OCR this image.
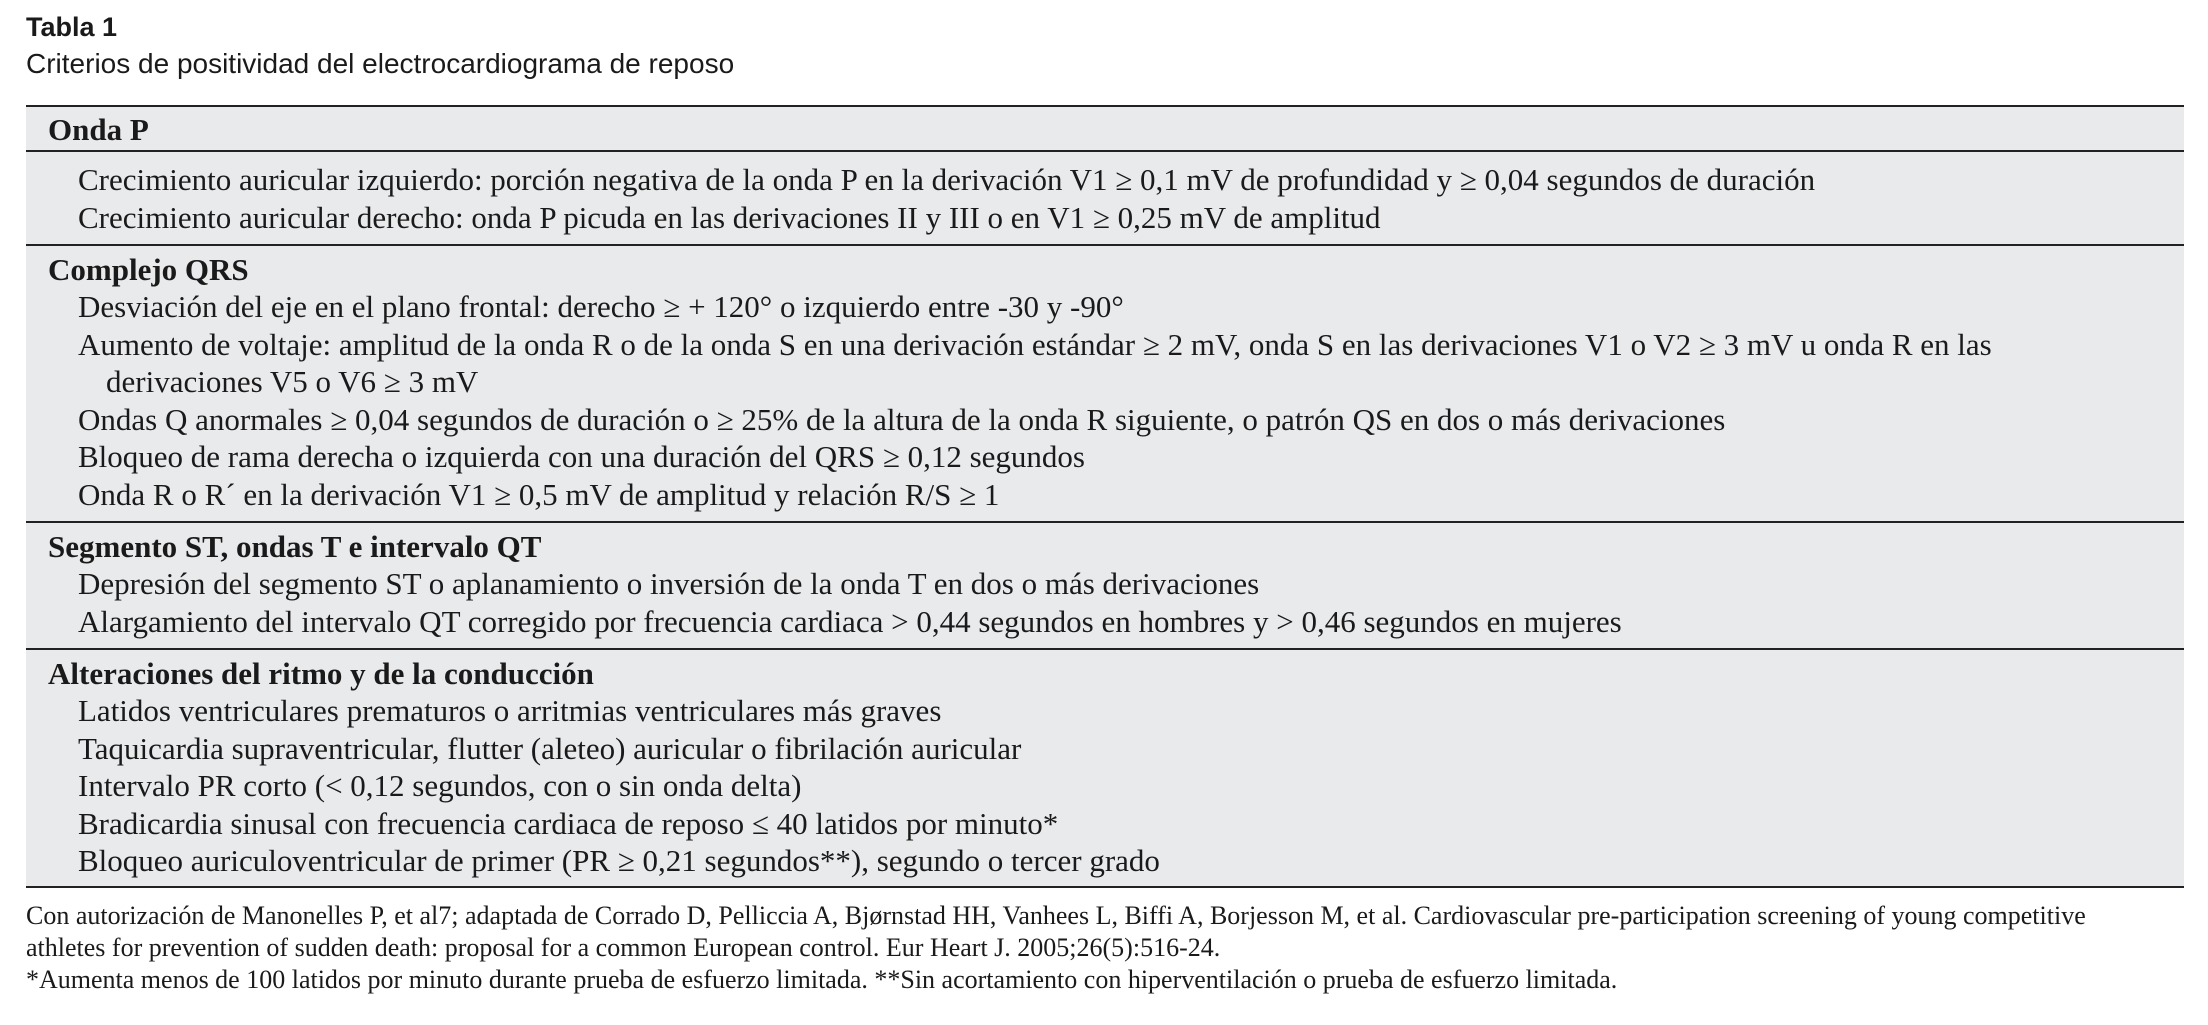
Tabla 1
Criterios de positividad del electrocardiograma de reposo
Onda P
Crecimiento auricular izquierdo: porción negativa de la onda P en la derivación V1 ≥ 0,1 mV de profundidad y ≥ 0,04 segundos de duración
Crecimiento auricular derecho: onda P picuda en las derivaciones II y III o en V1 ≥ 0,25 mV de amplitud
Complejo QRS
Desviación del eje en el plano frontal: derecho ≥ + 120° o izquierdo entre -30 y -90°
Aumento de voltaje: amplitud de la onda R o de la onda S en una derivación estándar ≥ 2 mV, onda S en las derivaciones V1 o V2 ≥ 3 mV u onda R en las derivaciones V5 o V6 ≥ 3 mV
Ondas Q anormales ≥ 0,04 segundos de duración o ≥ 25% de la altura de la onda R siguiente, o patrón QS en dos o más derivaciones
Bloqueo de rama derecha o izquierda con una duración del QRS ≥ 0,12 segundos
Onda R o R´ en la derivación V1 ≥ 0,5 mV de amplitud y relación R/S ≥ 1
Segmento ST, ondas T e intervalo QT
Depresión del segmento ST o aplanamiento o inversión de la onda T en dos o más derivaciones
Alargamiento del intervalo QT corregido por frecuencia cardiaca > 0,44 segundos en hombres y > 0,46 segundos en mujeres
Alteraciones del ritmo y de la conducción
Latidos ventriculares prematuros o arritmias ventriculares más graves
Taquicardia supraventricular, flutter (aleteo) auricular o fibrilación auricular
Intervalo PR corto (< 0,12 segundos, con o sin onda delta)
Bradicardia sinusal con frecuencia cardiaca de reposo ≤ 40 latidos por minuto*
Bloqueo auriculoventricular de primer (PR ≥ 0,21 segundos**), segundo o tercer grado
Con autorización de Manonelles P, et al7; adaptada de Corrado D, Pelliccia A, Bjørnstad HH, Vanhees L, Biffi A, Borjesson M, et al. Cardiovascular pre-participation screening of young competitive athletes for prevention of sudden death: proposal for a common European control. Eur Heart J. 2005;26(5):516-24.
*Aumenta menos de 100 latidos por minuto durante prueba de esfuerzo limitada. **Sin acortamiento con hiperventilación o prueba de esfuerzo limitada.
